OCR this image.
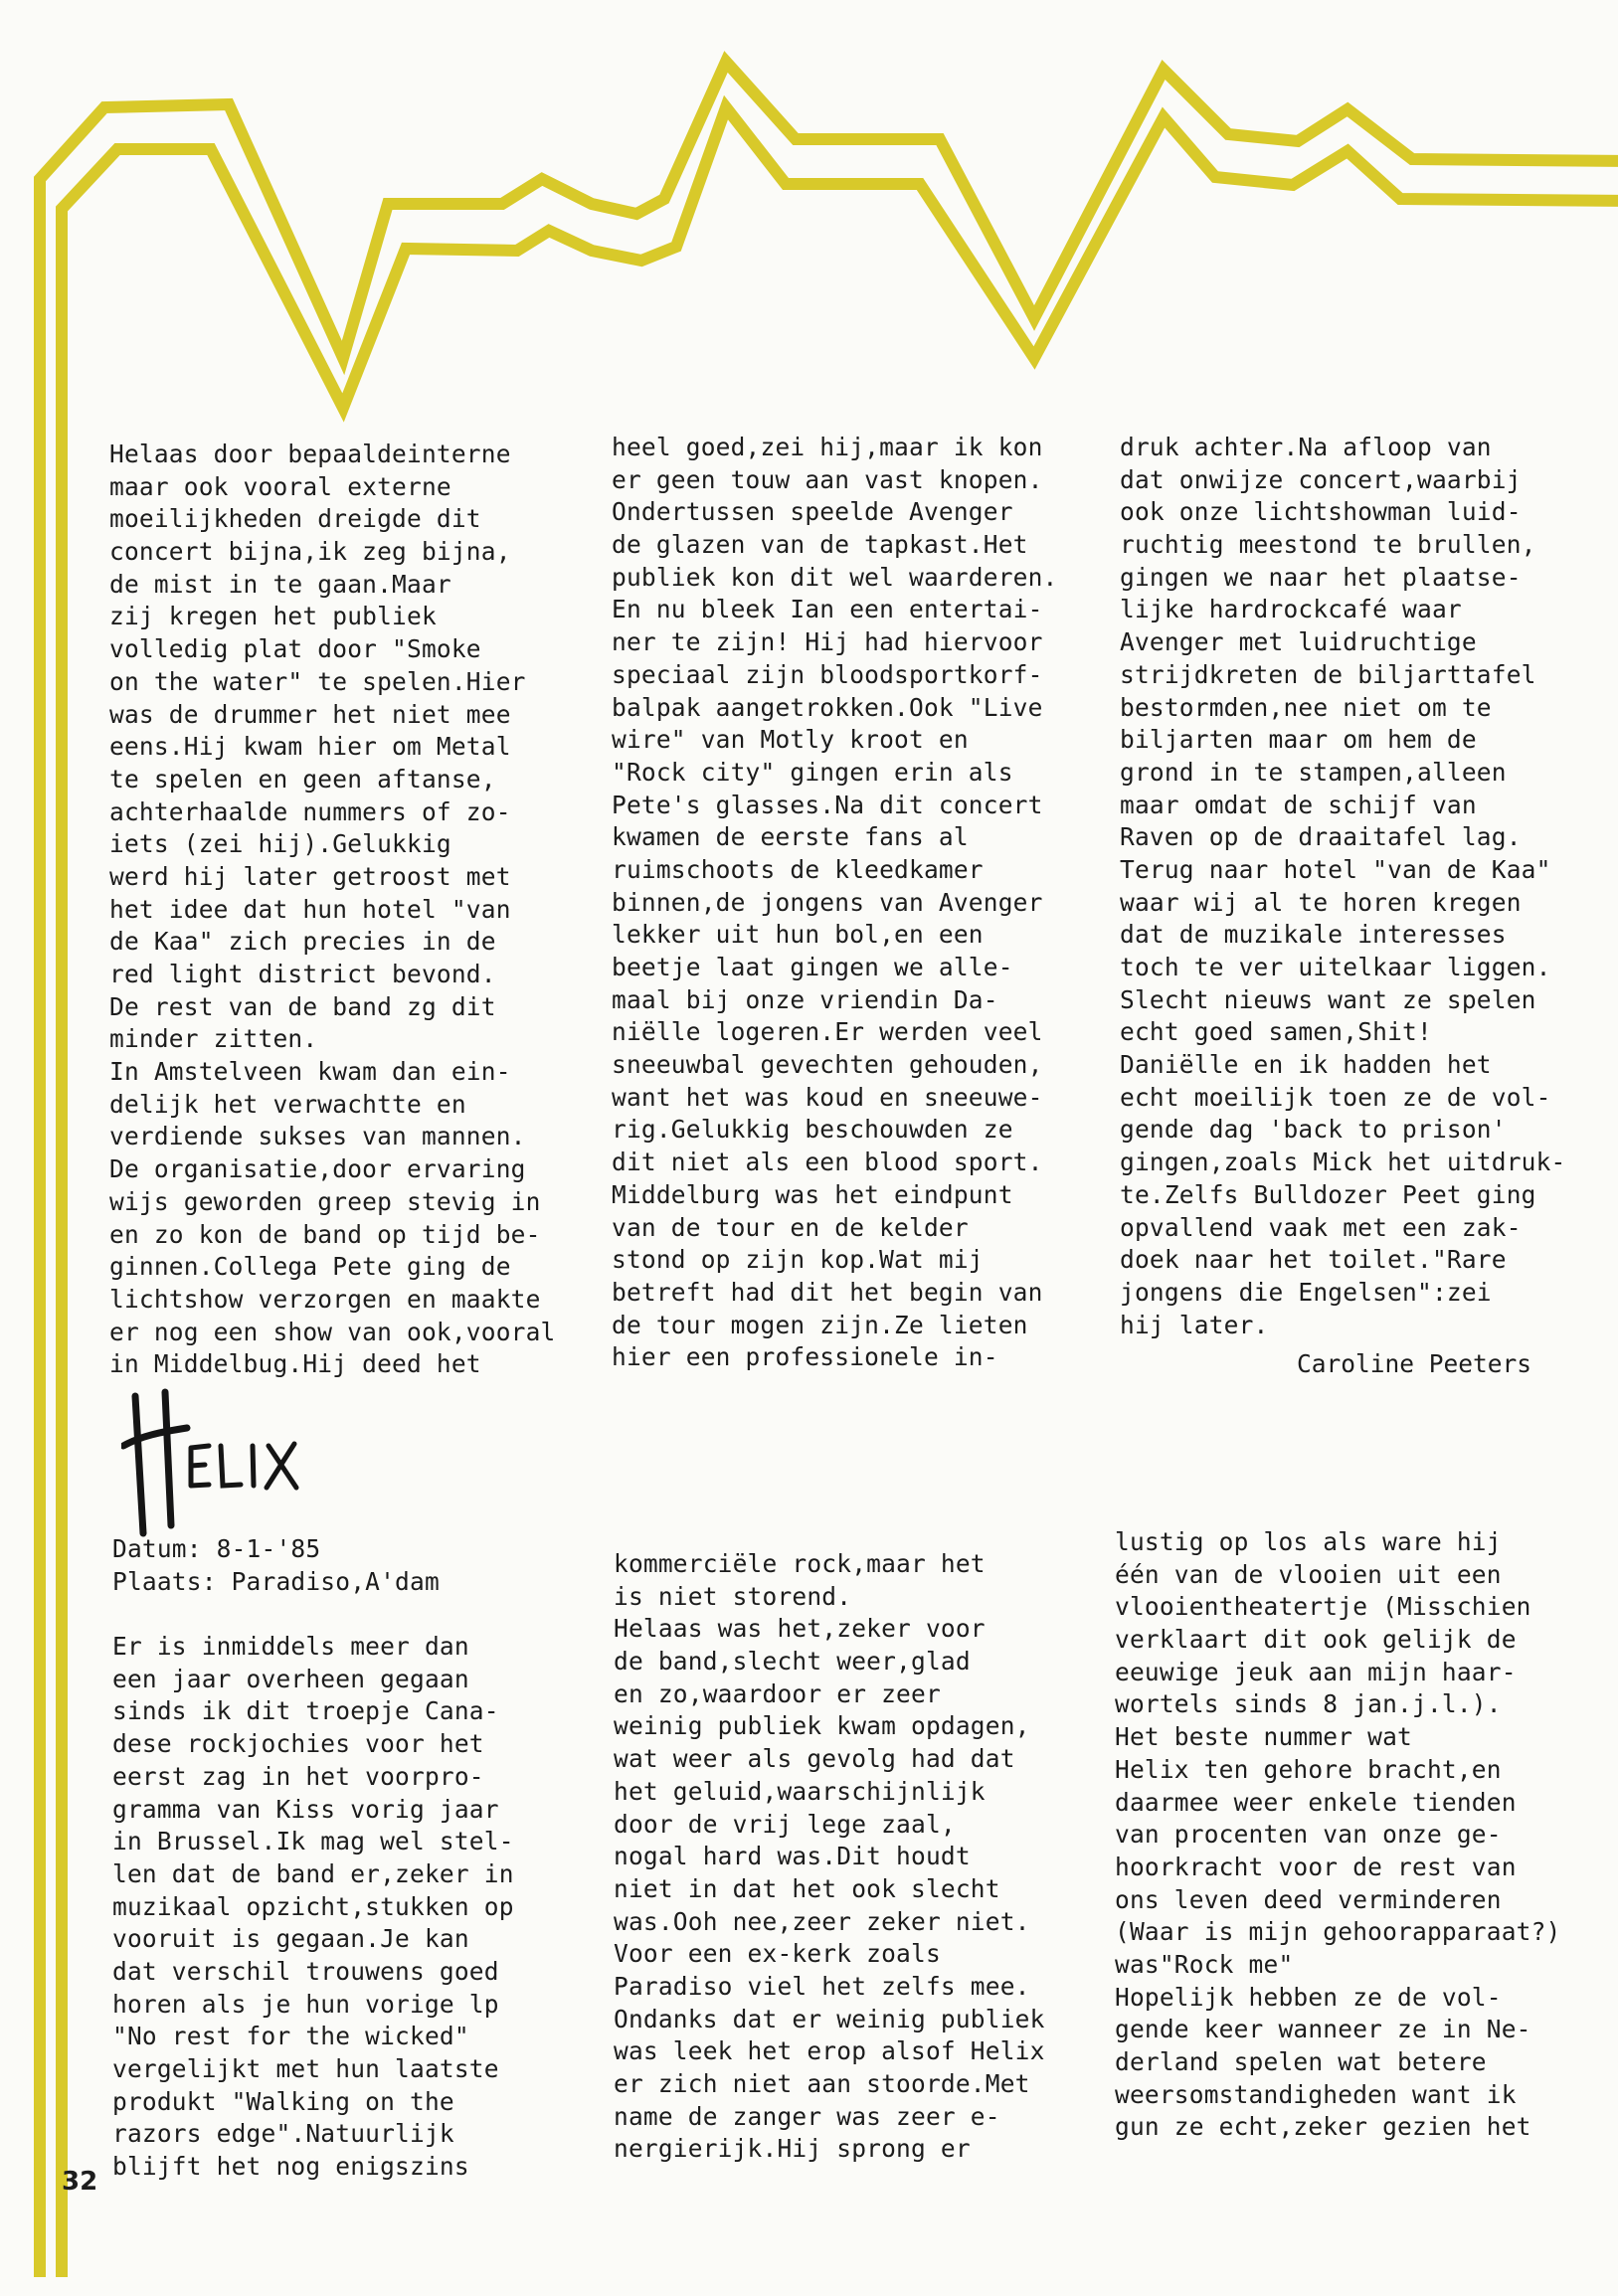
Helaas door bepaaldeinterne
maar ook vooral externe
moeilijkheden dreigde dit
concert bijna,ik zeg bijna,
de mist in te gaan.Maar
zij kregen het publiek
volledig plat door "Smoke
on the water" te spelen.Hier
was de drummer het niet mee
eens.Hij kwam hier om Metal
te spelen en geen aftanse,
achterhaalde nummers of zo-
iets (zei hij).Gelukkig
werd hij later getroost met
het idee dat hun hotel "van
de Kaa" zich precies in de
red light district bevond.
De rest van de band zg dit
minder zitten.
In Amstelveen kwam dan ein-
delijk het verwachtte en
verdiende sukses van mannen.
De organisatie,door ervaring
wijs geworden greep stevig in
en zo kon de band op tijd be-
ginnen.Collega Pete ging de
lichtshow verzorgen en maakte
er nog een show van ook,vooral
in Middelbug.Hij deed het
heel goed,zei hij,maar ik kon
er geen touw aan vast knopen.
Ondertussen speelde Avenger
de glazen van de tapkast.Het
publiek kon dit wel waarderen.
En nu bleek Ian een entertai-
ner te zijn! Hij had hiervoor
speciaal zijn bloodsportkorf-
balpak aangetrokken.Ook "Live
wire" van Motly kroot en
"Rock city" gingen erin als
Pete's glasses.Na dit concert
kwamen de eerste fans al
ruimschoots de kleedkamer
binnen,de jongens van Avenger
lekker uit hun bol,en een
beetje laat gingen we alle-
maal bij onze vriendin Da-
niëlle logeren.Er werden veel
sneeuwbal gevechten gehouden,
want het was koud en sneeuwe-
rig.Gelukkig beschouwden ze
dit niet als een blood sport.
Middelburg was het eindpunt
van de tour en de kelder
stond op zijn kop.Wat mij
betreft had dit het begin van
de tour mogen zijn.Ze lieten
hier een professionele in-
druk achter.Na afloop van
dat onwijze concert,waarbij
ook onze lichtshowman luid-
ruchtig meestond te brullen,
gingen we naar het plaatse-
lijke hardrockcafé waar
Avenger met luidruchtige
strijdkreten de biljarttafel
bestormden,nee niet om te
biljarten maar om hem de
grond in te stampen,alleen
maar omdat de schijf van
Raven op de draaitafel lag.
Terug naar hotel "van de Kaa"
waar wij al te horen kregen
dat de muzikale interesses
toch te ver uitelkaar liggen.
Slecht nieuws want ze spelen
echt goed samen,Shit!
Daniëlle en ik hadden het
echt moeilijk toen ze de vol-
gende dag 'back to prison'
gingen,zoals Mick het uitdruk-
te.Zelfs Bulldozer Peet ging
opvallend vaak met een zak-
doek naar het toilet."Rare
jongens die Engelsen":zei
hij later.
Caroline Peeters
Datum: 8-1-'85
Plaats: Paradiso,A'dam
Er is inmiddels meer dan
een jaar overheen gegaan
sinds ik dit troepje Cana-
dese rockjochies voor het
eerst zag in het voorpro-
gramma van Kiss vorig jaar
in Brussel.Ik mag wel stel-
len dat de band er,zeker in
muzikaal opzicht,stukken op
vooruit is gegaan.Je kan
dat verschil trouwens goed
horen als je hun vorige lp
"No rest for the wicked"
vergelijkt met hun laatste
produkt "Walking on the
razors edge".Natuurlijk
blijft het nog enigszins
kommerciële rock,maar het
is niet storend.
Helaas was het,zeker voor
de band,slecht weer,glad
en zo,waardoor er zeer
weinig publiek kwam opdagen,
wat weer als gevolg had dat
het geluid,waarschijnlijk
door de vrij lege zaal,
nogal hard was.Dit houdt
niet in dat het ook slecht
was.Ooh nee,zeer zeker niet.
Voor een ex-kerk zoals
Paradiso viel het zelfs mee.
Ondanks dat er weinig publiek
was leek het erop alsof Helix
er zich niet aan stoorde.Met
name de zanger was zeer e-
nergierijk.Hij sprong er
lustig op los als ware hij
één van de vlooien uit een
vlooientheatertje (Misschien
verklaart dit ook gelijk de
eeuwige jeuk aan mijn haar-
wortels sinds 8 jan.j.l.).
Het beste nummer wat
Helix ten gehore bracht,en
daarmee weer enkele tienden
van procenten van onze ge-
hoorkracht voor de rest van
ons leven deed verminderen
(Waar is mijn gehoorapparaat?)
was"Rock me"
Hopelijk hebben ze de vol-
gende keer wanneer ze in Ne-
derland spelen wat betere
weersomstandigheden want ik
gun ze echt,zeker gezien het
32
